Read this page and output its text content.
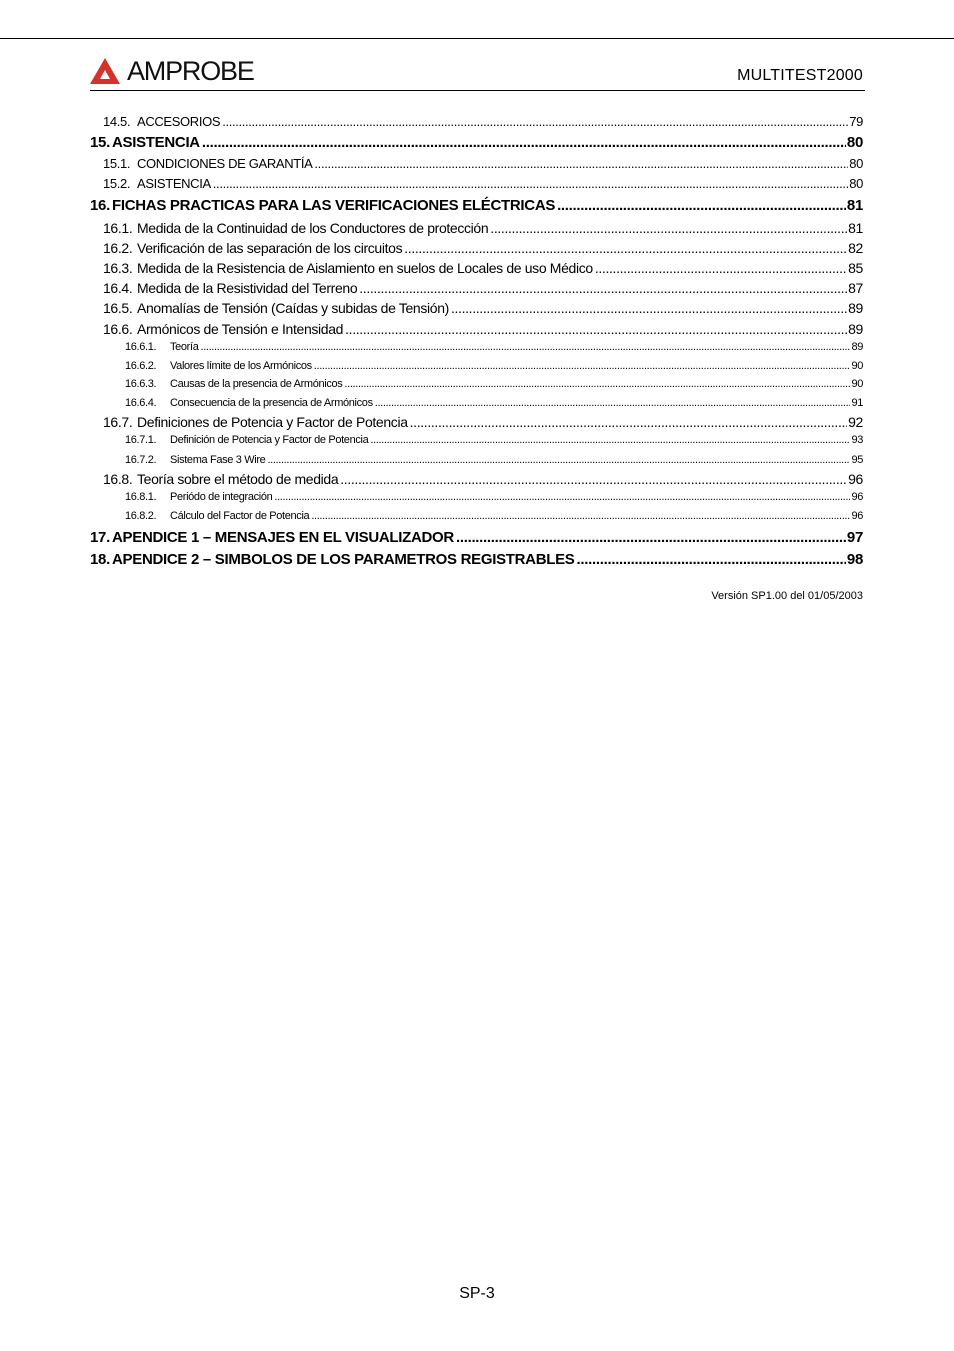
AMPROBE	MULTITEST2000
14.5. ACCESORIOS .....	79
15. ASISTENCIA .....	80
15.1. CONDICIONES DE GARANTÍA .....	80
15.2. ASISTENCIA .....	80
16. FICHAS PRACTICAS PARA LAS VERIFICACIONES ELÉCTRICAS .....	81
16.1. Medida de la Continuidad de los Conductores de protección .....	81
16.2. Verificación de las separación de los circuitos .....	82
16.3. Medida de la Resistencia de Aislamiento en suelos de Locales de uso Médico .....	85
16.4. Medida de la Resistividad del Terreno .....	87
16.5. Anomalías de Tensión (Caídas y subidas de Tensión) .....	89
16.6. Armónicos de Tensión e Intensidad .....	89
16.6.1.	Teoría .....	89
16.6.2.	Valores límite de los Armónicos .....	90
16.6.3.	Causas de la presencia de Armónicos .....	90
16.6.4.	Consecuencia de la presencia de Armónicos .....	91
16.7. Definiciones de Potencia y Factor de Potencia .....	92
16.7.1.	Definición de Potencia y Factor de Potencia .....	93
16.7.2.	Sistema Fase 3 Wire .....	95
16.8. Teoría sobre el método de medida .....	96
16.8.1.	Periódo de integración .....	96
16.8.2.	Cálculo del Factor de Potencia .....	96
17. APENDICE 1 – MENSAJES EN EL VISUALIZADOR .....	97
18. APENDICE 2 – SIMBOLOS DE LOS PARAMETROS REGISTRABLES .....	98
Versión SP1.00 del 01/05/2003
SP-3
